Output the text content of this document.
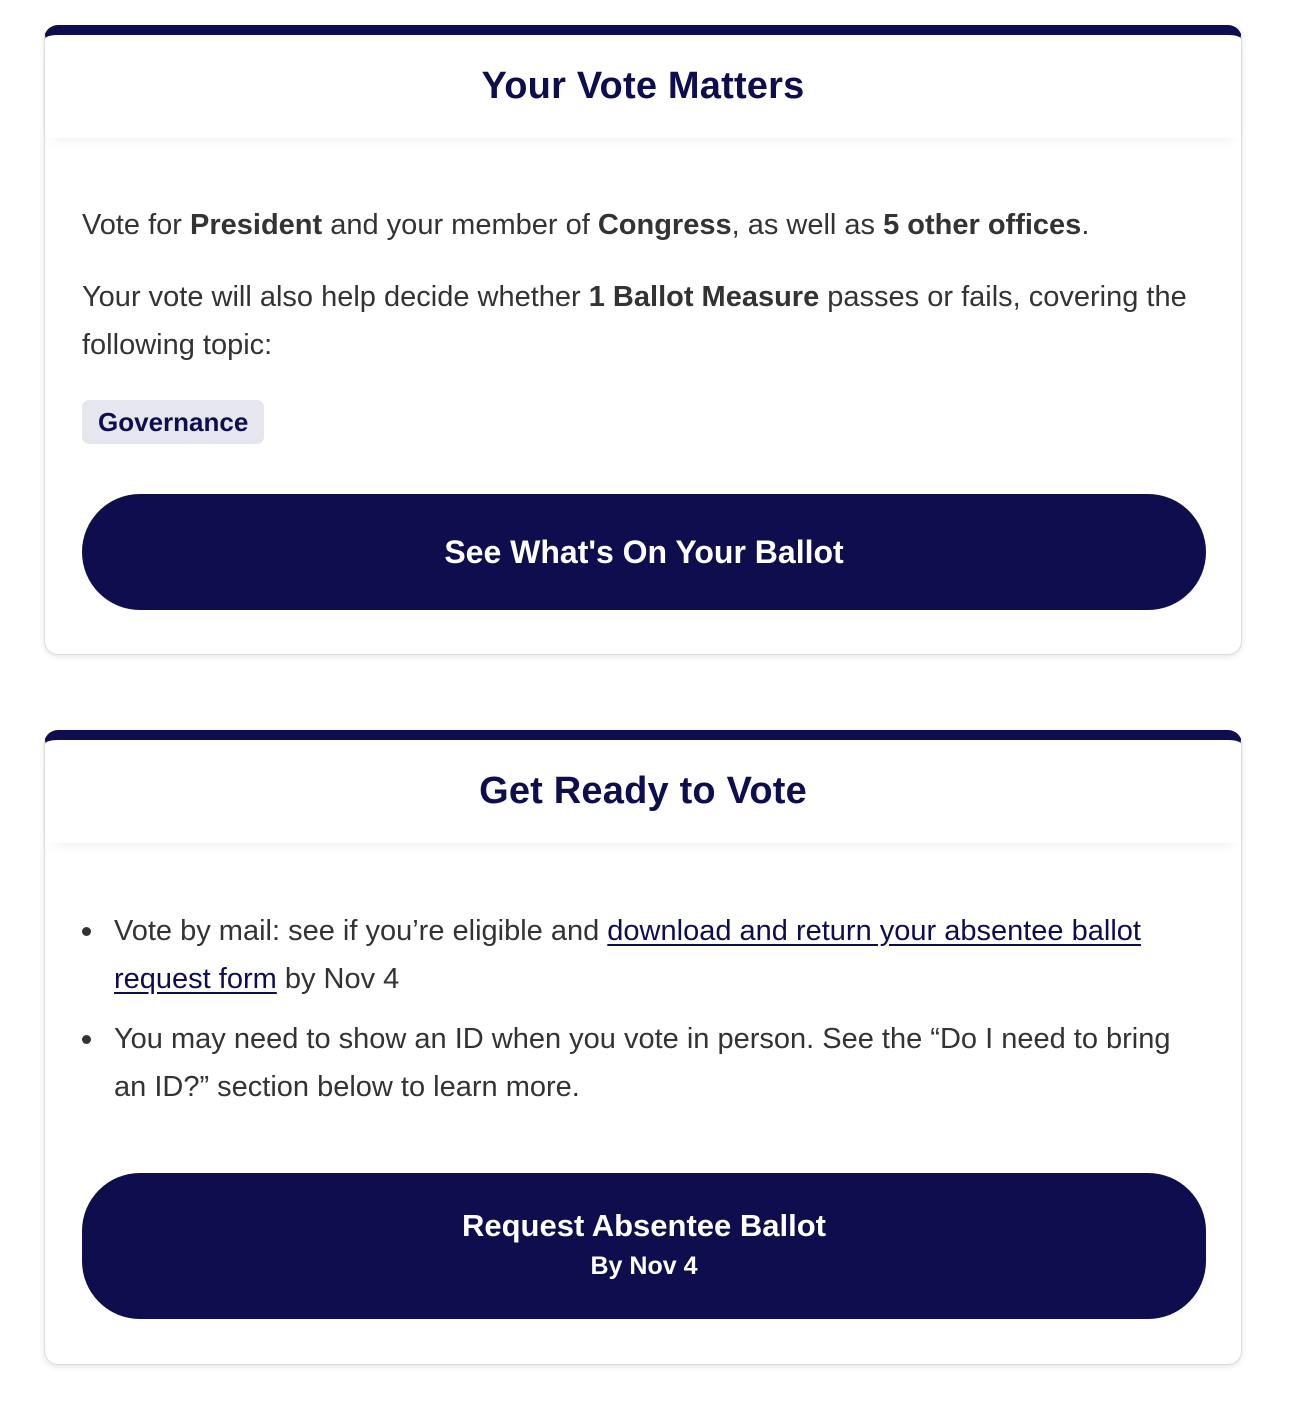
Your Vote Matters

Vote for President and your member of Congress, as well as 5 other offices.

Your vote will also help decide whether 1 Ballot Measure passes or fails, covering the following topic:

Governance
See What's On Your Ballot
Get Ready to Vote
Vote by mail: see if you’re eligible and download and return your absentee ballot request form by Nov 4
You may need to show an ID when you vote in person. See the “Do I need to bring an ID?” section below to learn more.
Request Absentee Ballot
By Nov 4
